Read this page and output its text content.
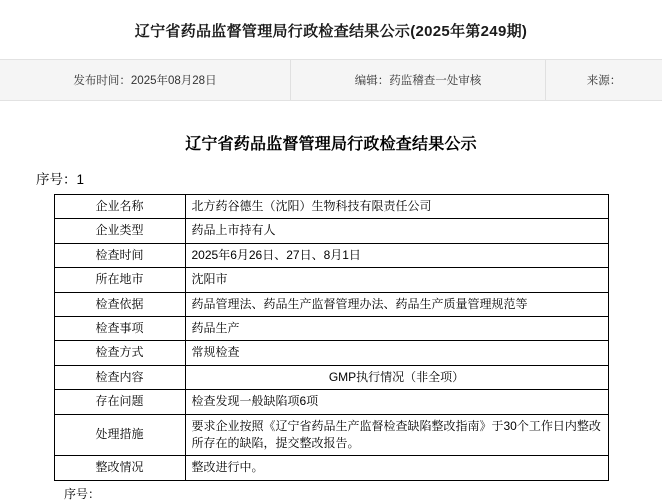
辽宁省药品监督管理局行政检查结果公示(2025年第249期)
发布时间： 2025年08月28日	编辑： 药监稽查一处审核	来源：
辽宁省药品监督管理局行政检查结果公示
序号：1
企业名称	北方药谷德生（沈阳）生物科技有限责任公司
企业类型	药品上市持有人
检查时间	2025年6月26日、27日、8月1日
所在地市	沈阳市
检查依据	药品管理法、药品生产监督管理办法、药品生产质量管理规范等
检查事项	药品生产
检查方式	常规检查
检查内容	GMP执行情况（非全项）
存在问题	检查发现一般缺陷项6项
处理措施	要求企业按照《辽宁省药品生产监督检查缺陷整改指南》于30个工作日内整改所存在的缺陷，提交整改报告。
整改情况	整改进行中。
序号：
